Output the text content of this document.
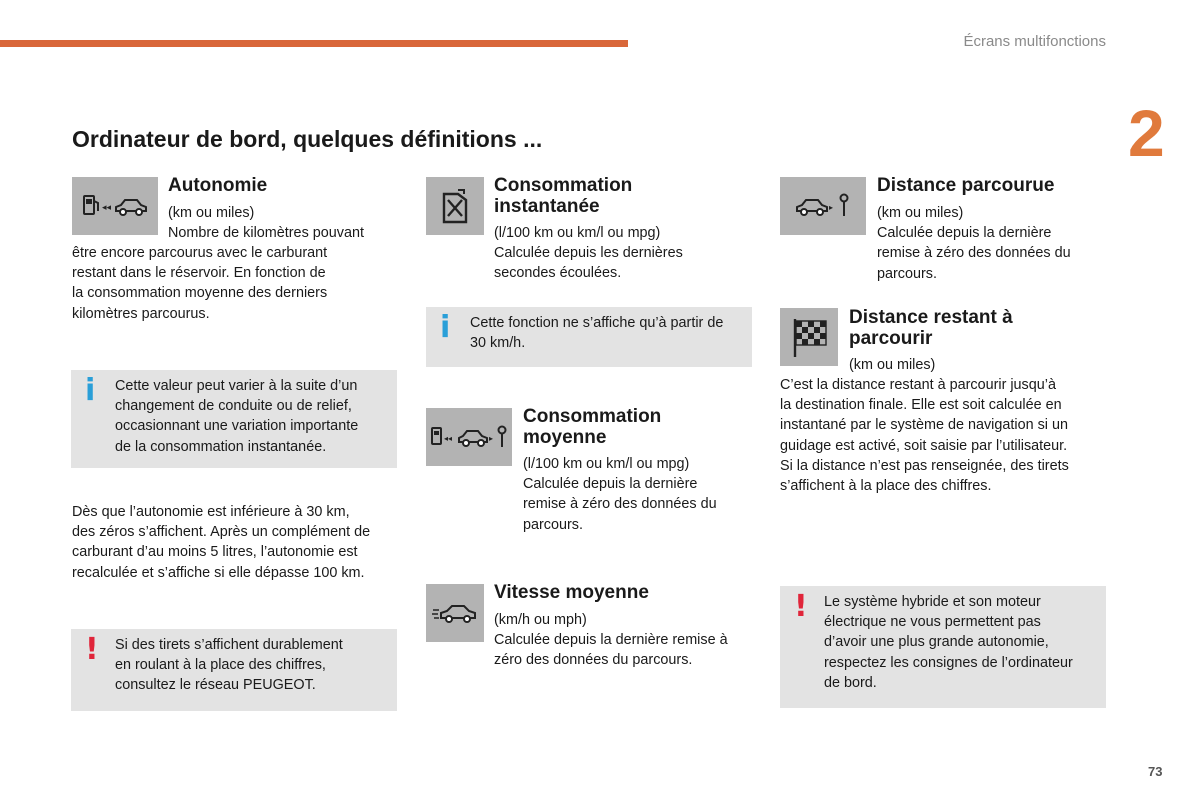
Écrans multifonctions
2
Ordinateur de bord, quelques définitions ...
◂◂
Autonomie
(km ou miles)
Nombre de kilomètres pouvant
être encore parcourus avec le carburant
restant dans le réservoir. En fonction de
la consommation moyenne des derniers
kilomètres parcourus.
i Cette valeur peut varier à la suite d’un
changement de conduite ou de relief,
occasionnant une variation importante
de la consommation instantanée.
Dès que l’autonomie est inférieure à 30 km,
des zéros s’affichent. Après un complément de
carburant d’au moins 5 litres, l’autonomie est
recalculée et s’affiche si elle dépasse 100 km.
! Si des tirets s’affichent durablement
en roulant à la place des chiffres,
consultez le réseau PEUGEOT.
Consommation
instantanée
(l/100 km ou km/l ou mpg)
Calculée depuis les dernières
secondes écoulées.
i Cette fonction ne s’affiche qu’à partir de
30 km/h.
◂◂	▸
Consommation
moyenne
(l/100 km ou km/l ou mpg)
Calculée depuis la dernière
remise à zéro des données du
parcours.
Vitesse moyenne
(km/h ou mph)
Calculée depuis la dernière remise à
zéro des données du parcours.
▸
Distance parcourue
(km ou miles)
Calculée depuis la dernière
remise à zéro des données du
parcours.
Distance restant à
parcourir
(km ou miles)
C’est la distance restant à parcourir jusqu’à
la destination finale. Elle est soit calculée en
instantané par le système de navigation si un
guidage est activé, soit saisie par l’utilisateur.
Si la distance n’est pas renseignée, des tirets
s’affichent à la place des chiffres.
! Le système hybride et son moteur
électrique ne vous permettent pas
d’avoir une plus grande autonomie,
respectez les consignes de l’ordinateur
de bord.
73
